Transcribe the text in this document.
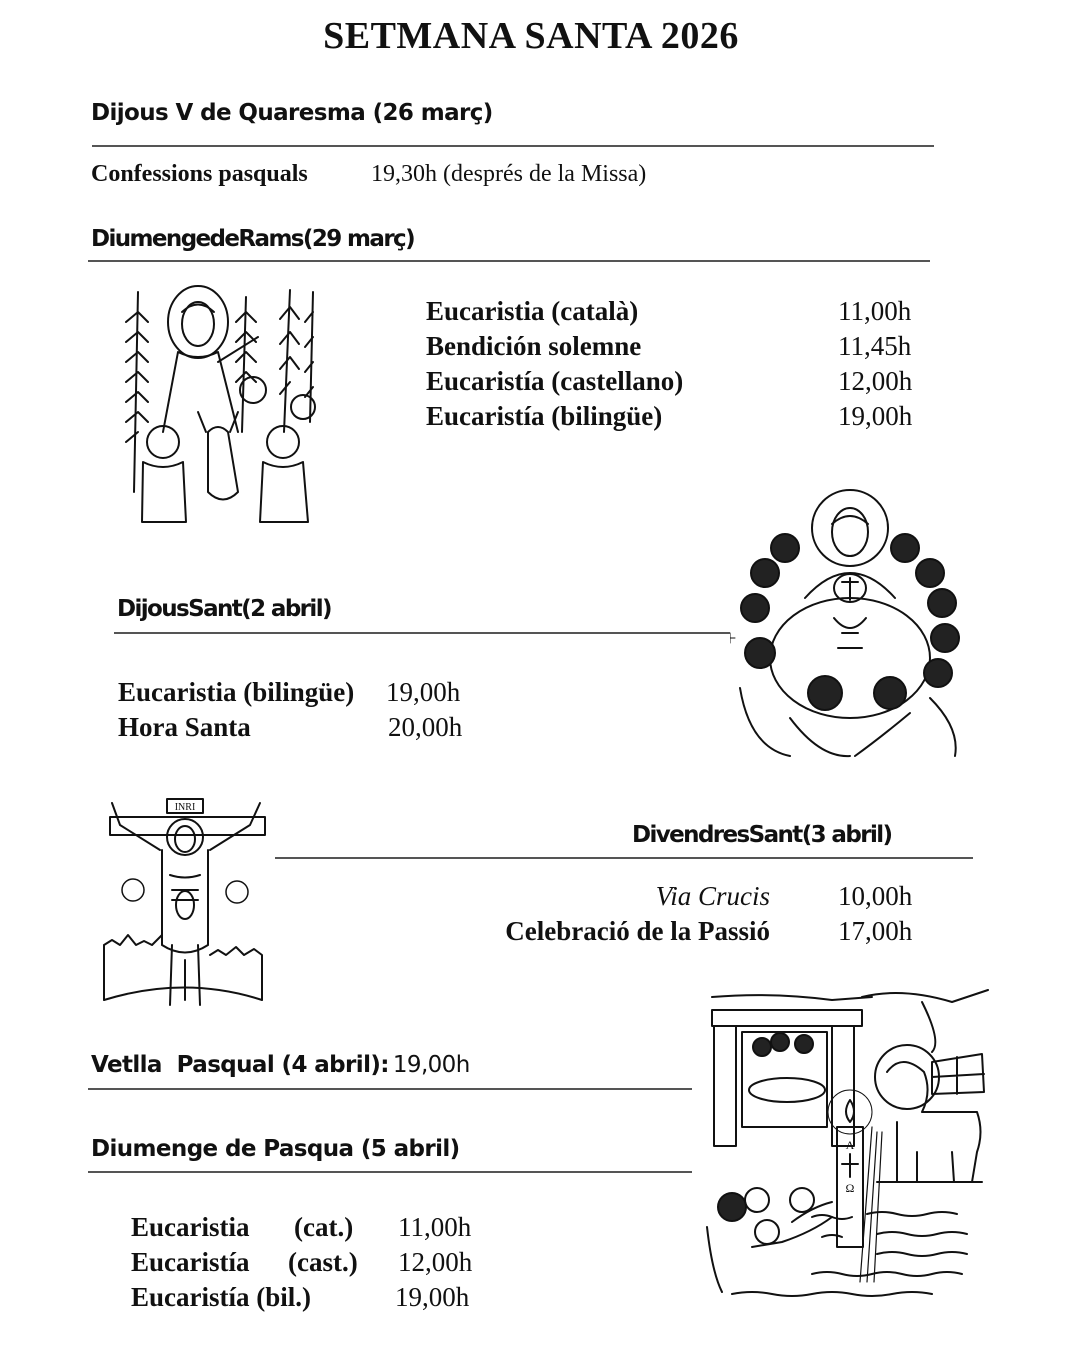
SETMANA SANTA 2026
Dijous V de Quaresma (26 març)
Confessions pasquals	19,30h (després de la Missa)
DiumengedeRams(29 març)
Eucaristia (català)	11,00h
Bendición solemne	11,45h
Eucaristía (castellano)	12,00h
Eucaristía (bilingüe)	19,00h
DijousSant(2 abril)
Eucaristia (bilingüe) 19,00h
Hora Santa	20,00h
INRI
DivendresSant(3 abril)
Via Crucis	10,00h
Celebració de la Passió	17,00h
Vetlla  Pasqual (4 abril): 19,00h
Diumenge de Pasqua (5 abril)
Eucaristia (cat.) 11,00h
Eucaristía (cast.) 12,00h
Eucaristía (bil.)	19,00h
A
Ω
